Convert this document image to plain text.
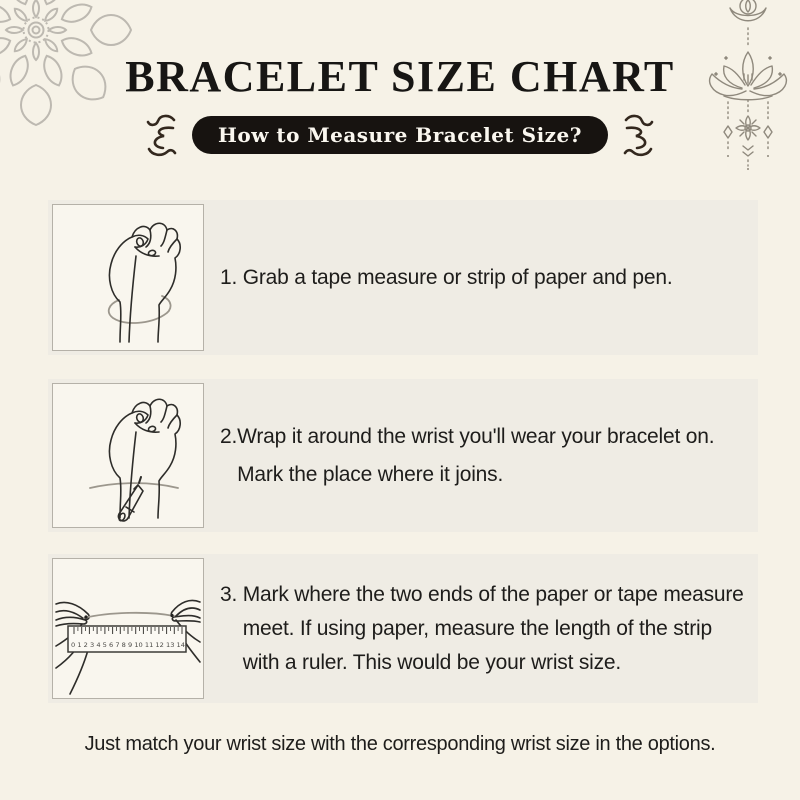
BRACELET SIZE CHART
How to Measure Bracelet Size?

1. Grab a tape measure or strip of paper and pen.

2. Wrap it around the wrist you'll wear your bracelet on. Mark the place where it joins.

0 1 2 3 4 5 6 7 8 9 10 11 12 13 14

3. Mark where the two ends of the paper or tape measure meet. If using paper, measure the length of the strip with a ruler. This would be your wrist size.

Just match your wrist size with the corresponding wrist size in the options.
